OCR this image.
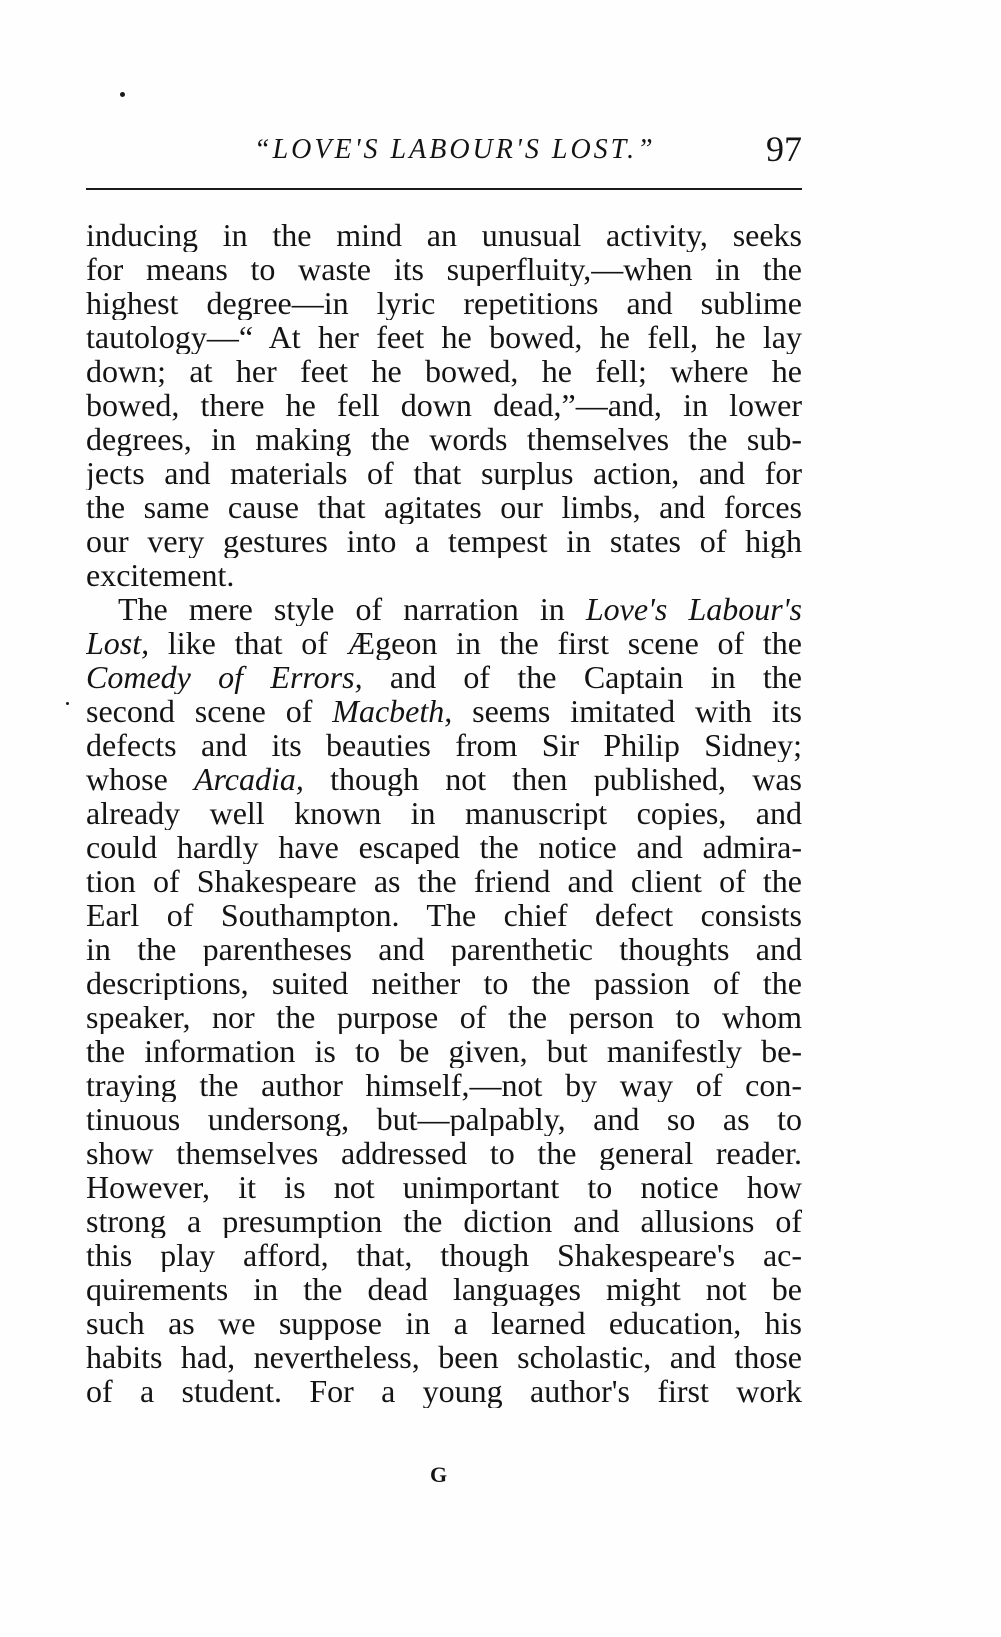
“LOVE'S LABOUR'S LOST.”	97
inducing in the mind an unusual activity, seeks
for means to waste its superfluity,—when in the
highest degree—in lyric repetitions and sublime
tautology—“ At her feet he bowed, he fell, he lay
down; at her feet he bowed, he fell; where he
bowed, there he fell down dead,”—and, in lower
degrees, in making the words themselves the sub-
jects and materials of that surplus action, and for
the same cause that agitates our limbs, and forces
our very gestures into a tempest in states of high
excitement.
The mere style of narration in Love's Labour's
Lost, like that of Ægeon in the first scene of the
Comedy of Errors, and of the Captain in the
second scene of Macbeth, seems imitated with its
defects and its beauties from Sir Philip Sidney;
whose Arcadia, though not then published, was
already well known in manuscript copies, and
could hardly have escaped the notice and admira-
tion of Shakespeare as the friend and client of the
Earl of Southampton. The chief defect consists
in the parentheses and parenthetic thoughts and
descriptions, suited neither to the passion of the
speaker, nor the purpose of the person to whom
the information is to be given, but manifestly be-
traying the author himself,—not by way of con-
tinuous undersong, but—palpably, and so as to
show themselves addressed to the general reader.
However, it is not unimportant to notice how
strong a presumption the diction and allusions of
this play afford, that, though Shakespeare's ac-
quirements in the dead languages might not be
such as we suppose in a learned education, his
habits had, nevertheless, been scholastic, and those
of a student. For a young author's first work
G
